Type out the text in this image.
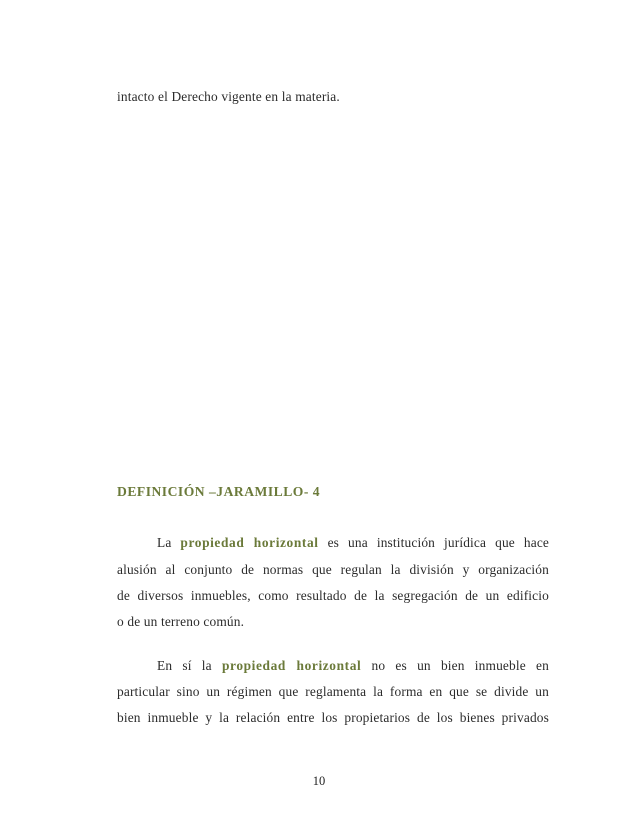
intacto el Derecho vigente en la materia.
DEFINICIÓN –JARAMILLO- 4
La propiedad horizontal es una institución jurídica que hace
alusión al conjunto de normas que regulan la división y organización
de diversos inmuebles, como resultado de la segregación de un edificio
o de un terreno común.
En sí la propiedad horizontal no es un bien inmueble en
particular sino un régimen que reglamenta la forma en que se divide un
bien inmueble y la relación entre los propietarios de los bienes privados
10
